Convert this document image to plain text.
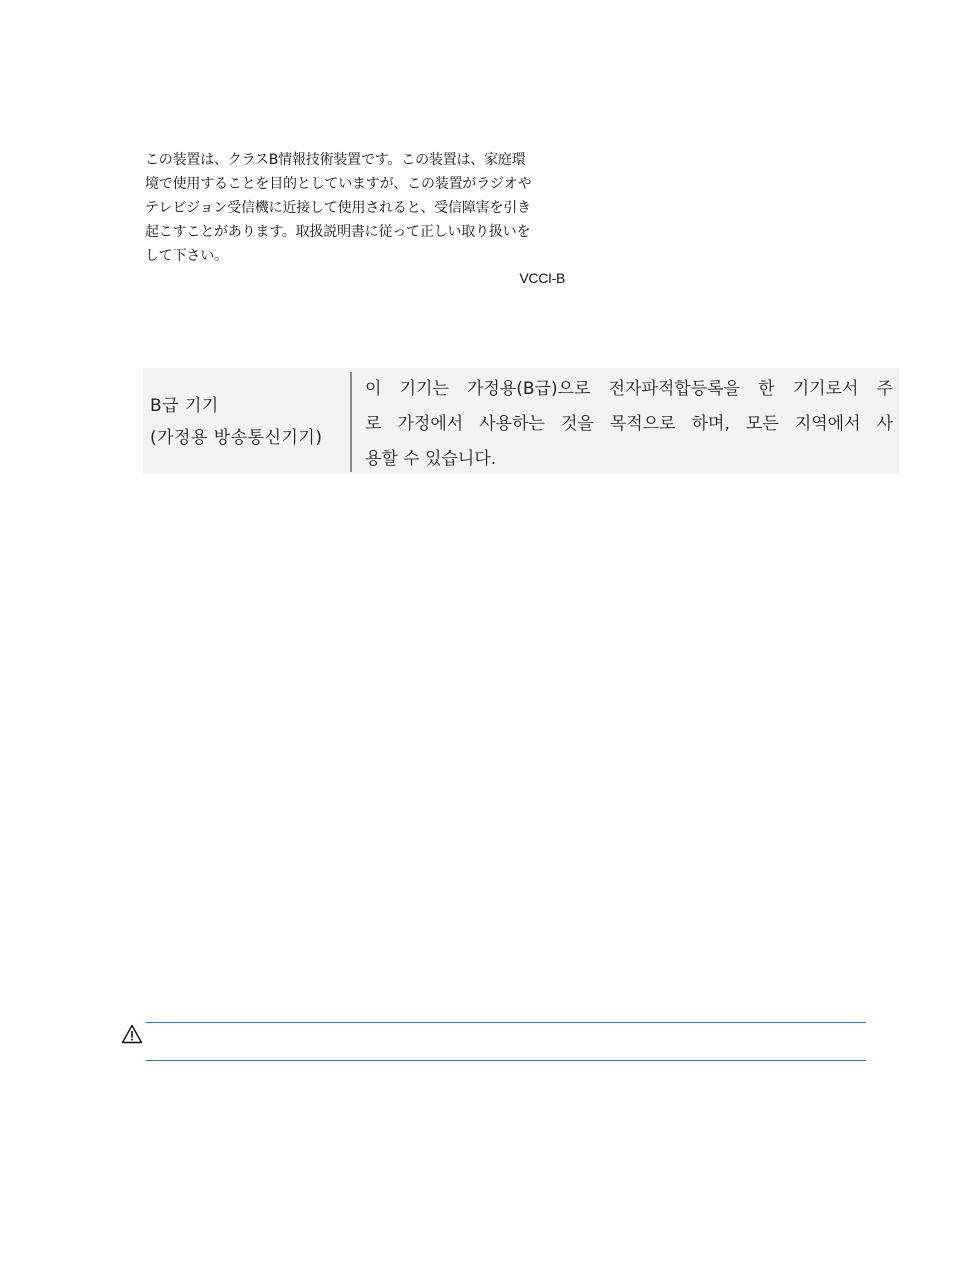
この装置は、クラスB情報技術装置です。この装置は、家庭環
境で使用することを目的としていますが、この装置がラジオや
テレビジョン受信機に近接して使用されると、受信障害を引き
起こすことがあります。取扱説明書に従って正しい取り扱いを
して下さい。
VCCI-B
B급 기기
(가정용 방송통신기기)
이 기기는 가정용(B급)으로 전자파적합등록을 한 기기로서 주
로 가정에서 사용하는 것을 목적으로 하며, 모든 지역에서 사
용할 수 있습니다.
